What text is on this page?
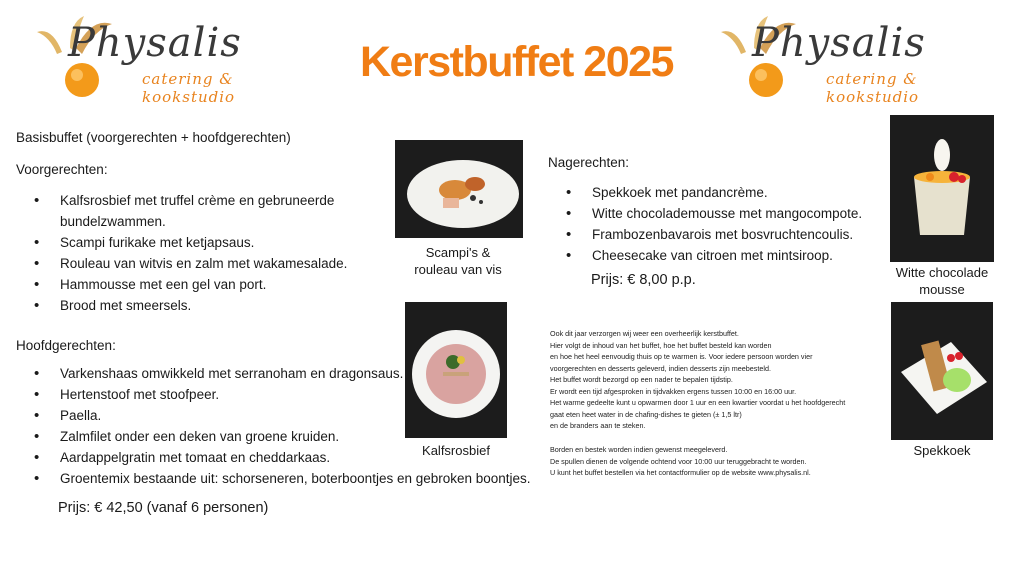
Physalis
catering & kookstudio
Physalis
catering & kookstudio
Kerstbuffet 2025
Basisbuffet (voorgerechten + hoofdgerechten)
Voorgerechten:
• Kalfsrosbief met truffel crème en gebruneerde
bundelzwammen.
• Scampi furikake met ketjapsaus.
• Rouleau van witvis en zalm met wakamesalade.
• Hammousse met een gel van port.
• Brood met smeersels.
Hoofdgerechten:
• Varkenshaas omwikkeld met serranoham en dragonsaus.
• Hertenstoof met stoofpeer.
• Paella.
• Zalmfilet onder een deken van groene kruiden.
• Aardappelgratin met tomaat en cheddarkaas.
• Groentemix bestaande uit: schorseneren, boterboontjes en gebroken boontjes.
Prijs: € 42,50 (vanaf 6 personen)
Scampi's &
rouleau van vis
Kalfsrosbief
Nagerechten:
• Spekkoek met pandancrème.
• Witte chocolademousse met mangocompote.
• Frambozenbavarois met bosvruchtencoulis.
• Cheesecake van citroen met mintsiroop.
Prijs: € 8,00 p.p.

Ook dit jaar verzorgen wij weer een overheerlijk kerstbuffet.

Hier volgt de inhoud van het buffet, hoe het buffet besteld kan worden

en hoe het heel eenvoudig thuis op te warmen is. Voor iedere persoon worden vier

voorgerechten en desserts geleverd, indien desserts zijn meebesteld.

Het buffet wordt bezorgd op een nader te bepalen tijdstip.

Er wordt een tijd afgesproken in tijdvakken ergens tussen 10:00 en 16:00 uur.

Het warme gedeelte kunt u opwarmen door 1 uur en een kwartier voordat u het hoofdgerecht

gaat eten heet water in de chafing-dishes te gieten (± 1,5 ltr)

en de branders aan te steken.

Borden en bestek worden indien gewenst meegeleverd.

De spullen dienen de volgende ochtend voor 10:00 uur teruggebracht te worden.

U kunt het buffet bestellen via het contactformulier op de website www.physalis.nl.

Witte chocolade
mousse
Spekkoek
